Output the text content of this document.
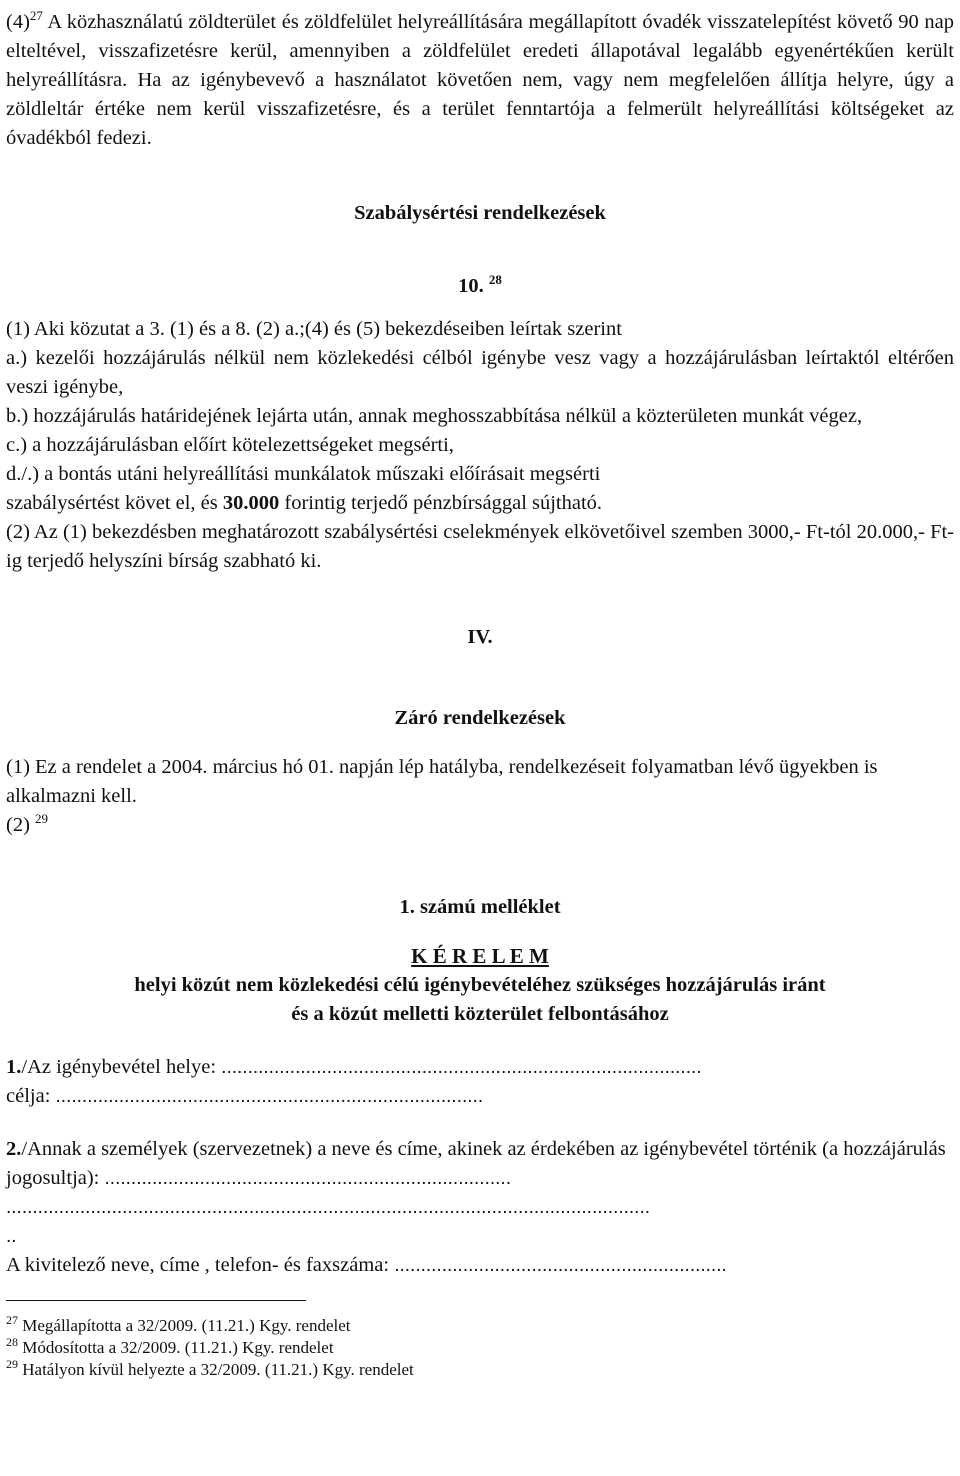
$(4)^{27}$ A közhasználatú zöldterület és zöldfelület helyreállítására megállapított óvadék visszatelepítést követő 90 nap elteltével, visszafizetésre kerül, amennyiben a zöldfelület eredeti állapotával legalább egyenértékűen került helyreállításra. Ha az igénybevevő a használatot követően nem, vagy nem megfelelően állítja helyre, úgy a zöldleltár értéke nem kerül visszafizetésre, és a terület fenntartója a felmerült helyreállítási költségeket az óvadékból fedezi.

Szabálysértési rendelkezések

10. $^{28}$

(1) Aki közutat a 3. (1) és a 8. (2) a.;(4) és (5) bekezdéseiben leírtak szerint

a.) kezelői hozzájárulás nélkül nem közlekedési célból igénybe vesz vagy a hozzájárulásban leírtaktól eltérően veszi igénybe,

b.) hozzájárulás határidejének lejárta után, annak meghosszabbítása nélkül a közterületen munkát végez,

c.) a hozzájárulásban előírt kötelezettségeket megsérti,

d./.) a bontás utáni helyreállítási munkálatok műszaki előírásait megsérti

szabálysértést követ el, és 30.000 forintig terjedő pénzbírsággal sújtható.

(2) Az (1) bekezdésben meghatározott szabálysértési cselekmények elkövetőivel szemben 3000,- Ft-tól 20.000,- Ft-ig terjedő helyszíni bírság szabható ki.

IV.

Záró rendelkezések

(1) Ez a rendelet a 2004. március hó 01. napján lép hatályba, rendelkezéseit folyamatban lévő ügyekben is alkalmazni kell.

(2) $^{29}$

1. számú melléklet

K É R E L E M

helyi közút nem közlekedési célú igénybevételéhez szükséges hozzájárulás iránt

és a közút melletti közterület felbontásához

1./Az igénybevétel helye: ...........................................................................................

célja: .................................................................................

2./Annak a személyek (szervezetnek) a neve és címe, akinek az érdekében az igénybevétel történik (a hozzájárulás jogosultja): .............................................................................

..........................................................................................................................

..

A kivitelező neve, címe , telefon- és faxszáma: ...............................................................

$^{27}$ Megállapította a 32/2009. (11.21.) Kgy. rendelet

$^{28}$ Módosította a 32/2009. (11.21.) Kgy. rendelet

$^{29}$ Hatályon kívül helyezte a 32/2009. (11.21.) Kgy. rendelet
